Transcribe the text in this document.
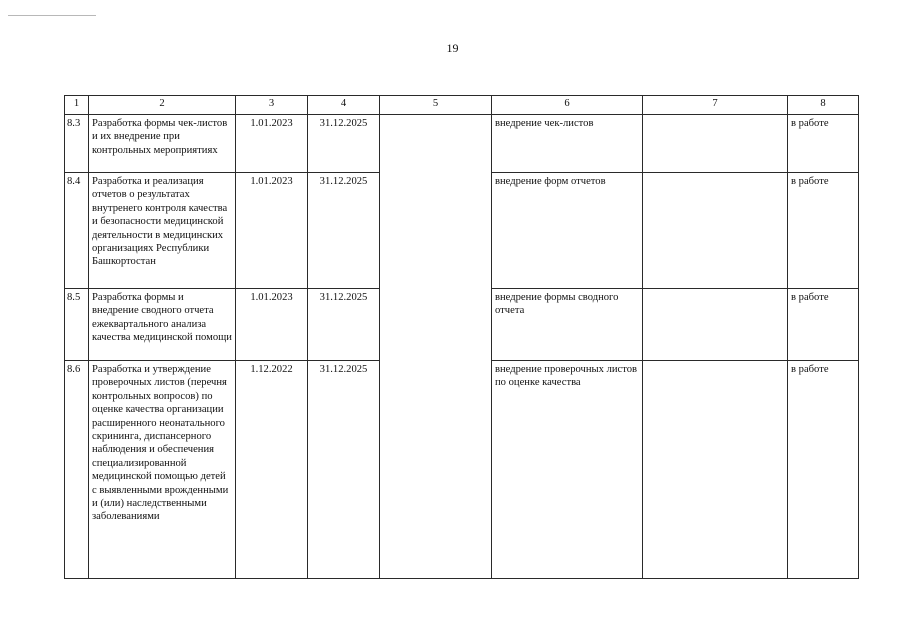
19
1	2	3	4	5	6	7	8
8.3	Разработка формы чек-листов и их внедрение при контрольных мероприятиях	1.01.2023	31.12.2025		внедрение чек-листов		в работе
8.4	Разработка и реализация отчетов о результатах внутренего контроля качества и безопасности медицинской деятельности в медицинских организациях Республики Башкортостан	1.01.2023	31.12.2025		внедрение форм отчетов		в работе
8.5	Разработка формы и внедрение сводного отчета ежеквартального анализа качества медицинской помощи	1.01.2023	31.12.2025		внедрение формы сводного отчета		в работе
8.6	Разработка и утверждение проверочных листов (перечня контрольных вопросов) по оценке качества организации расширенного неонатального скрининга, диспансерного наблюдения и обеспечения специализированной медицинской помощью детей с выявленными врожденными и (или) наследственными заболеваниями	1.12.2022	31.12.2025		внедрение проверочных листов по оценке качества		в работе
